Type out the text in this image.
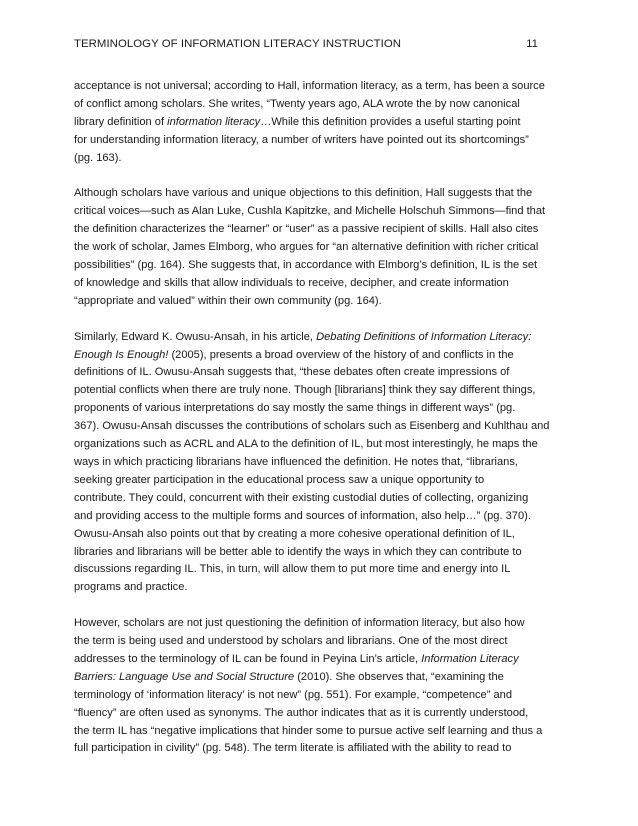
TERMINOLOGY OF INFORMATION LITERACY INSTRUCTION	11
acceptance is not universal; according to Hall, information literacy, as a term, has been a source
of conflict among scholars. She writes, “Twenty years ago, ALA wrote the by now canonical
library definition of information literacy…While this definition provides a useful starting point
for understanding information literacy, a number of writers have pointed out its shortcomings”
(pg. 163).
Although scholars have various and unique objections to this definition, Hall suggests that the
critical voices—such as Alan Luke, Cushla Kapitzke, and Michelle Holschuh Simmons—find that
the definition characterizes the “learner” or “user” as a passive recipient of skills. Hall also cites
the work of scholar, James Elmborg, who argues for “an alternative definition with richer critical
possibilities” (pg. 164). She suggests that, in accordance with Elmborg’s definition, IL is the set
of knowledge and skills that allow individuals to receive, decipher, and create information
“appropriate and valued” within their own community (pg. 164).
Similarly, Edward K. Owusu-Ansah, in his article, Debating Definitions of Information Literacy:
Enough Is Enough! (2005), presents a broad overview of the history of and conflicts in the
definitions of IL. Owusu-Ansah suggests that, “these debates often create impressions of
potential conflicts when there are truly none. Though [librarians] think they say different things,
proponents of various interpretations do say mostly the same things in different ways” (pg.
367). Owusu-Ansah discusses the contributions of scholars such as Eisenberg and Kuhlthau and
organizations such as ACRL and ALA to the definition of IL, but most interestingly, he maps the
ways in which practicing librarians have influenced the definition. He notes that, “librarians,
seeking greater participation in the educational process saw a unique opportunity to
contribute. They could, concurrent with their existing custodial duties of collecting, organizing
and providing access to the multiple forms and sources of information, also help…” (pg. 370).
Owusu-Ansah also points out that by creating a more cohesive operational definition of IL,
libraries and librarians will be better able to identify the ways in which they can contribute to
discussions regarding IL. This, in turn, will allow them to put more time and energy into IL
programs and practice.
However, scholars are not just questioning the definition of information literacy, but also how
the term is being used and understood by scholars and librarians. One of the most direct
addresses to the terminology of IL can be found in Peyina Lin’s article, Information Literacy
Barriers: Language Use and Social Structure (2010). She observes that, “examining the
terminology of ‘information literacy’ is not new” (pg. 551). For example, “competence” and
“fluency” are often used as synonyms. The author indicates that as it is currently understood,
the term IL has “negative implications that hinder some to pursue active self learning and thus a
full participation in civility” (pg. 548). The term literate is affiliated with the ability to read to
